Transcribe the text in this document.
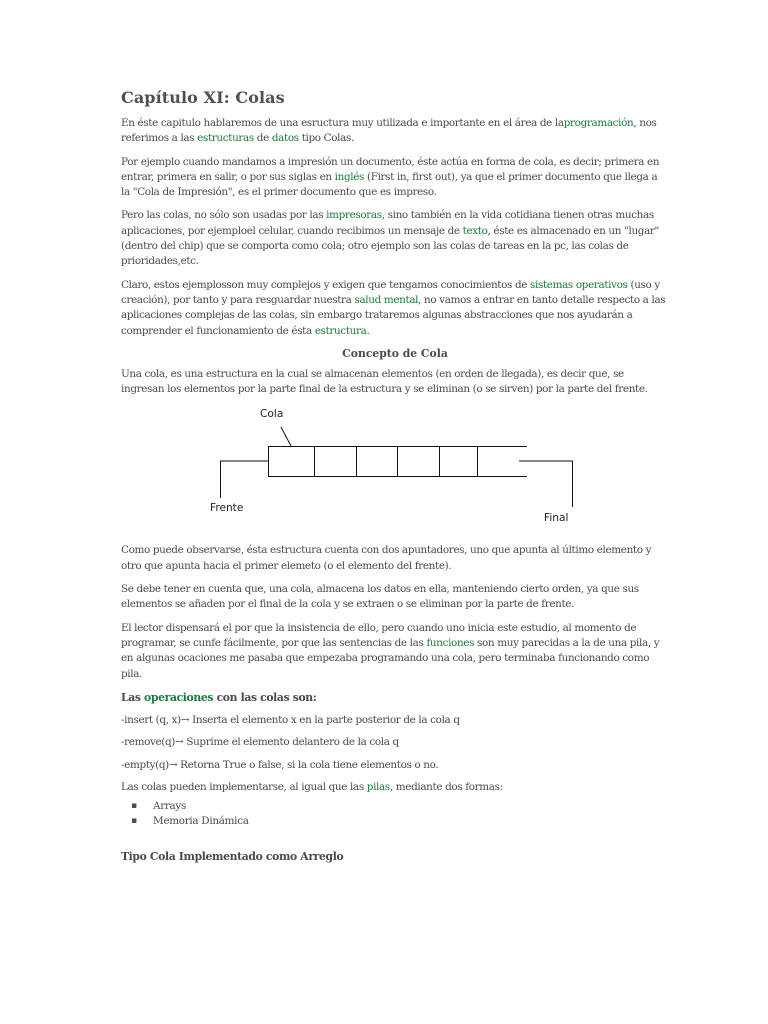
Capítulo XI: Colas

En éste capitulo hablaremos de una esructura muy utilizada e importante en el área de laprogramación, nos referimos a las estructuras de datos tipo Colas.

Por ejemplo cuando mandamos a impresión un documento, éste actúa en forma de cola, es decir; primera en entrar, primera en salir, o por sus siglas en inglés (First in, first out), ya que el primer documento que llega a la "Cola de Impresión", es el primer documento que es impreso.

Pero las colas, no sólo son usadas por las impresoras, sino también en la vida cotidiana tienen otras muchas aplicaciones, por ejemploel celular, cuando recibimos un mensaje de texto, éste es almacenado en un "lugar" (dentro del chip) que se comporta como cola; otro ejemplo son las colas de tareas en la pc, las colas de prioridades,etc.

Claro, estos ejemplosson muy complejos y exigen que tengamos conocimientos de sistemas operativos (uso y creación), por tanto y para resguardar nuestra salud mental, no vamos a entrar en tanto detalle respecto a las aplicaciones complejas de las colas, sin embargo trataremos algunas abstracciones que nos ayudarán a comprender el funcionamiento de ésta estructura.

Concepto de Cola

Una cola, es una estructura en la cual se almacenan elementos (en orden de llegada), es decir que, se ingresan los elementos por la parte final de la estructura y se eliminan (o se sirven) por la parte del frente.

Cola
Frente
Final

Como puede observarse, ésta estructura cuenta con dos apuntadores, uno que apunta al último elemento y otro que apunta hacia el primer elemeto (o el elemento del frente).

Se debe tener en cuenta que, una cola, almacena los datos en ella, manteniendo cierto orden, ya que sus elementos se añaden por el final de la cola y se extraen o se eliminan por la parte de frente.

El lector dispensará el por que la insistencia de ello, pero cuando uno inicia este estudio, al momento de programar, se cunfe fácilmente, por que las sentencias de las funciones son muy parecidas a la de una pila, y en algunas ocaciones me pasaba que empezaba programando una cola, pero terminaba funcionando como pila.

Las operaciones con las colas son:

-insert (q, x)→ Inserta el elemento x en la parte posterior de la cola q

-remove(q)→ Suprime el elemento delantero de la cola q

-empty(q)→ Retorna True o false, si la cola tiene elementos o no.

Las colas pueden implementarse, al igual que las pilas, mediante dos formas:

▪ Arrays
▪ Memoria Dinámica

Tipo Cola Implementado como Arreglo
